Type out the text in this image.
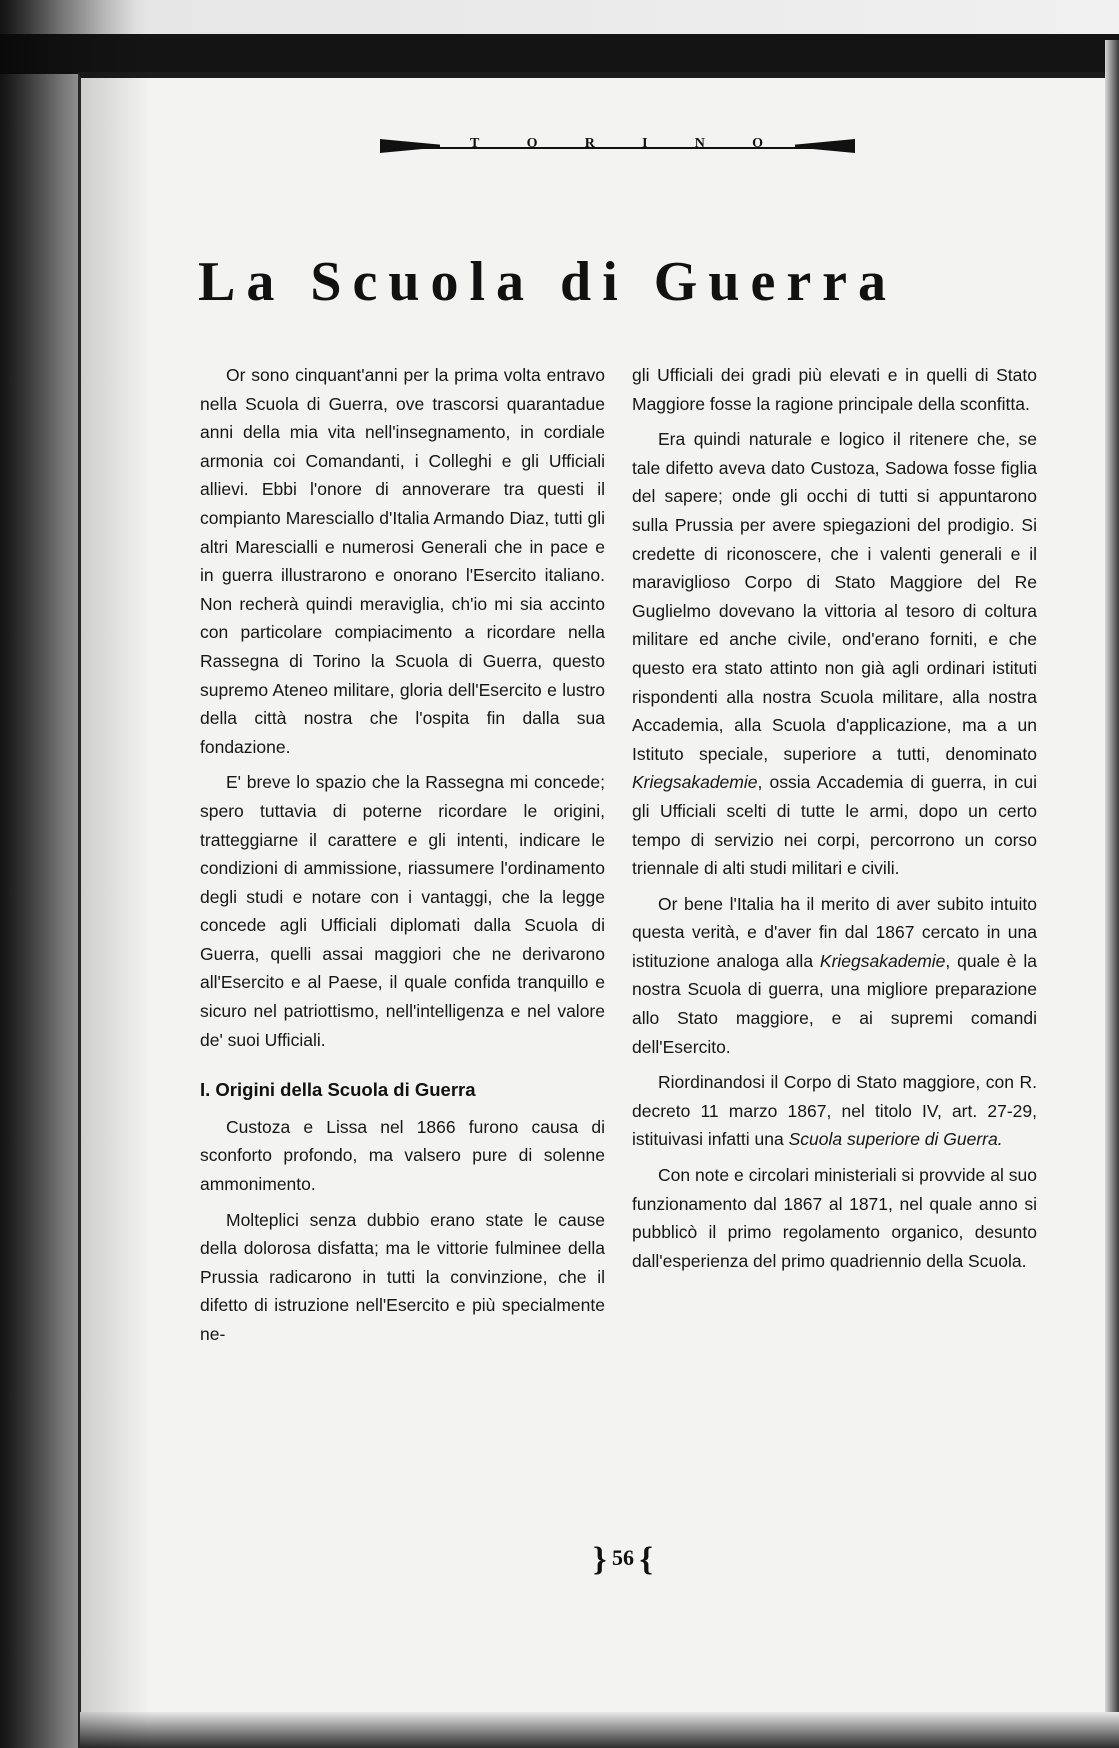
T	O	R	I	N	O
La Scuola di Guerra

Or sono cinquant'anni per la prima volta entravo nella Scuola di Guerra, ove trascorsi quarantadue anni della mia vita nell'insegnamento, in cordiale armonia coi Comandanti, i Colleghi e gli Ufficiali allievi. Ebbi l'onore di annoverare tra questi il compianto Maresciallo d'Italia Armando Diaz, tutti gli altri Marescialli e numerosi Generali che in pace e in guerra illustrarono e onorano l'Esercito italiano. Non recherà quindi meraviglia, ch'io mi sia accinto con particolare compiacimento a ricordare nella Rassegna di Torino la Scuola di Guerra, questo supremo Ateneo militare, gloria dell'Esercito e lustro della città nostra che l'ospita fin dalla sua fondazione.

E' breve lo spazio che la Rassegna mi concede; spero tuttavia di poterne ricordare le origini, tratteggiarne il carattere e gli intenti, indicare le condizioni di ammissione, riassumere l'ordinamento degli studi e notare con i vantaggi, che la legge concede agli Ufficiali diplomati dalla Scuola di Guerra, quelli assai maggiori che ne derivarono all'Esercito e al Paese, il quale confida tranquillo e sicuro nel patriottismo, nell'intelligenza e nel valore de' suoi Ufficiali.

I. Origini della Scuola di Guerra

Custoza e Lissa nel 1866 furono causa di sconforto profondo, ma valsero pure di solenne ammonimento.

Molteplici senza dubbio erano state le cause della dolorosa disfatta; ma le vittorie fulminee della Prussia radicarono in tutti la convinzione, che il difetto di istruzione nell'Esercito e più specialmente ne-

gli Ufficiali dei gradi più elevati e in quelli di Stato Maggiore fosse la ragione principale della sconfitta.

Era quindi naturale e logico il ritenere che, se tale difetto aveva dato Custoza, Sadowa fosse figlia del sapere; onde gli occhi di tutti si appuntarono sulla Prussia per avere spiegazioni del prodigio. Si credette di riconoscere, che i valenti generali e il maraviglioso Corpo di Stato Maggiore del Re Guglielmo dovevano la vittoria al tesoro di coltura militare ed anche civile, ond'erano forniti, e che questo era stato attinto non già agli ordinari istituti rispondenti alla nostra Scuola militare, alla nostra Accademia, alla Scuola d'applicazione, ma a un Istituto speciale, superiore a tutti, denominato Kriegsakademie, ossia Accademia di guerra, in cui gli Ufficiali scelti di tutte le armi, dopo un certo tempo di servizio nei corpi, percorrono un corso triennale di alti studi militari e civili.

Or bene l'Italia ha il merito di aver subito intuito questa verità, e d'aver fin dal 1867 cercato in una istituzione analoga alla Kriegsakademie, quale è la nostra Scuola di guerra, una migliore preparazione allo Stato maggiore, e ai supremi comandi dell'Esercito.

Riordinandosi il Corpo di Stato maggiore, con R. decreto 11 marzo 1867, nel titolo IV, art. 27-29, istituivasi infatti una Scuola superiore di Guerra.

Con note e circolari ministeriali si provvide al suo funzionamento dal 1867 al 1871, nel quale anno si pubblicò il primo regolamento organico, desunto dall'esperienza del primo quadriennio della Scuola.

} 56 {
